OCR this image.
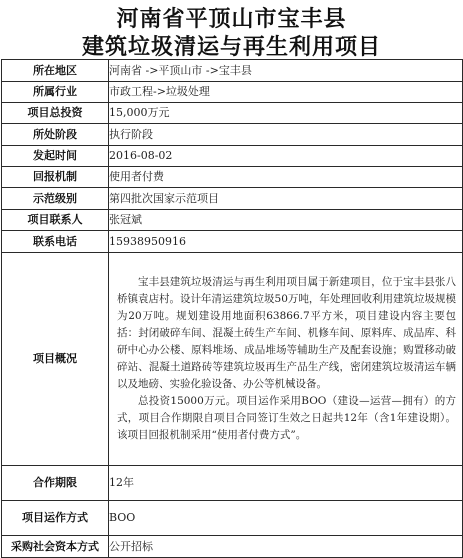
河南省平顶山市宝丰县
建筑垃圾清运与再生利用项目
所在地区	河南省 ->平顶山市 ->宝丰县
所属行业	市政工程->垃圾处理
项目总投资	15,000万元
所处阶段	执行阶段
发起时间	2016-08-02
回报机制	使用者付费
示范级别	第四批次国家示范项目
项目联系人	张冠斌
联系电话	15938950916
项目概况	宝丰县建筑垃圾清运与再生利用项目属于新建项目，位于宝丰县张八桥镇袁店村。设计年清运建筑垃圾50万吨，年处理回收利用建筑垃圾规模为20万吨。规划建设用地面积63866.7平方米，项目建设内容主要包括：封闭破碎车间、混凝土砖生产车间、机修车间、原料库、成品库、科研中心办公楼、原料堆场、成品堆场等辅助生产及配套设施；购置移动破碎站、混凝土道路砖等建筑垃圾再生产品生产线，密闭建筑垃圾清运车辆以及地磅、实验化验设备、办公等机械设备。

总投资15000万元。项目运作采用BOO（建设—运营—拥有）的方式，项目合作期限自项目合同签订生效之日起共12年（含1年建设期）。该项目回报机制采用“使用者付费方式”。

合作期限	12年
项目运作方式	BOO
采购社会资本方式	公开招标
